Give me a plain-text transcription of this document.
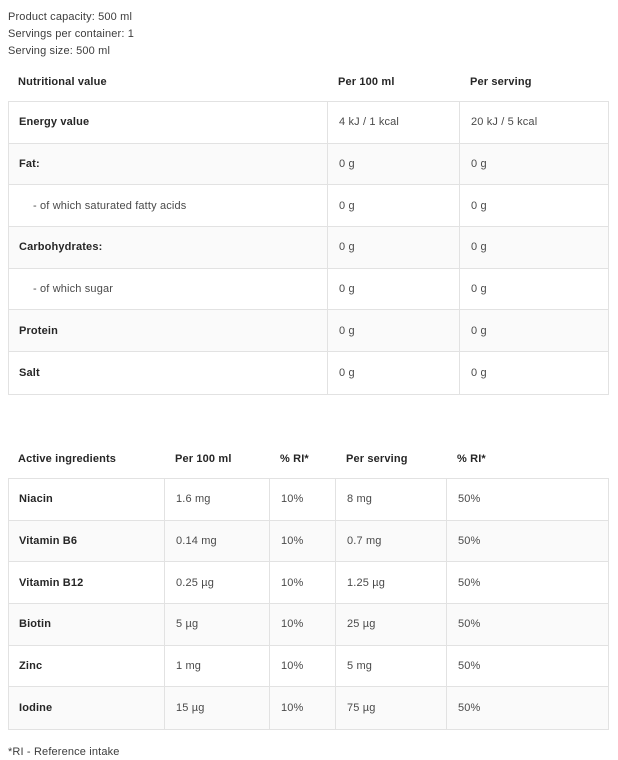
Product capacity: 500 ml
Servings per container: 1
Serving size: 500 ml
Nutritional value	Per 100 ml	Per serving
Energy value	4 kJ / 1 kcal	20 kJ / 5 kcal
Fat:	0 g	0 g
- of which saturated fatty acids	0 g	0 g
Carbohydrates:	0 g	0 g
- of which sugar	0 g	0 g
Protein	0 g	0 g
Salt	0 g	0 g
Active ingredients	Per 100 ml	% RI*	Per serving	% RI*
Niacin	1.6 mg	10%	8 mg	50%
Vitamin B6	0.14 mg	10%	0.7 mg	50%
Vitamin B12	0.25 µg	10%	1.25 µg	50%
Biotin	5 µg	10%	25 µg	50%
Zinc	1 mg	10%	5 mg	50%
Iodine	15 µg	10%	75 µg	50%
*RI - Reference intake
